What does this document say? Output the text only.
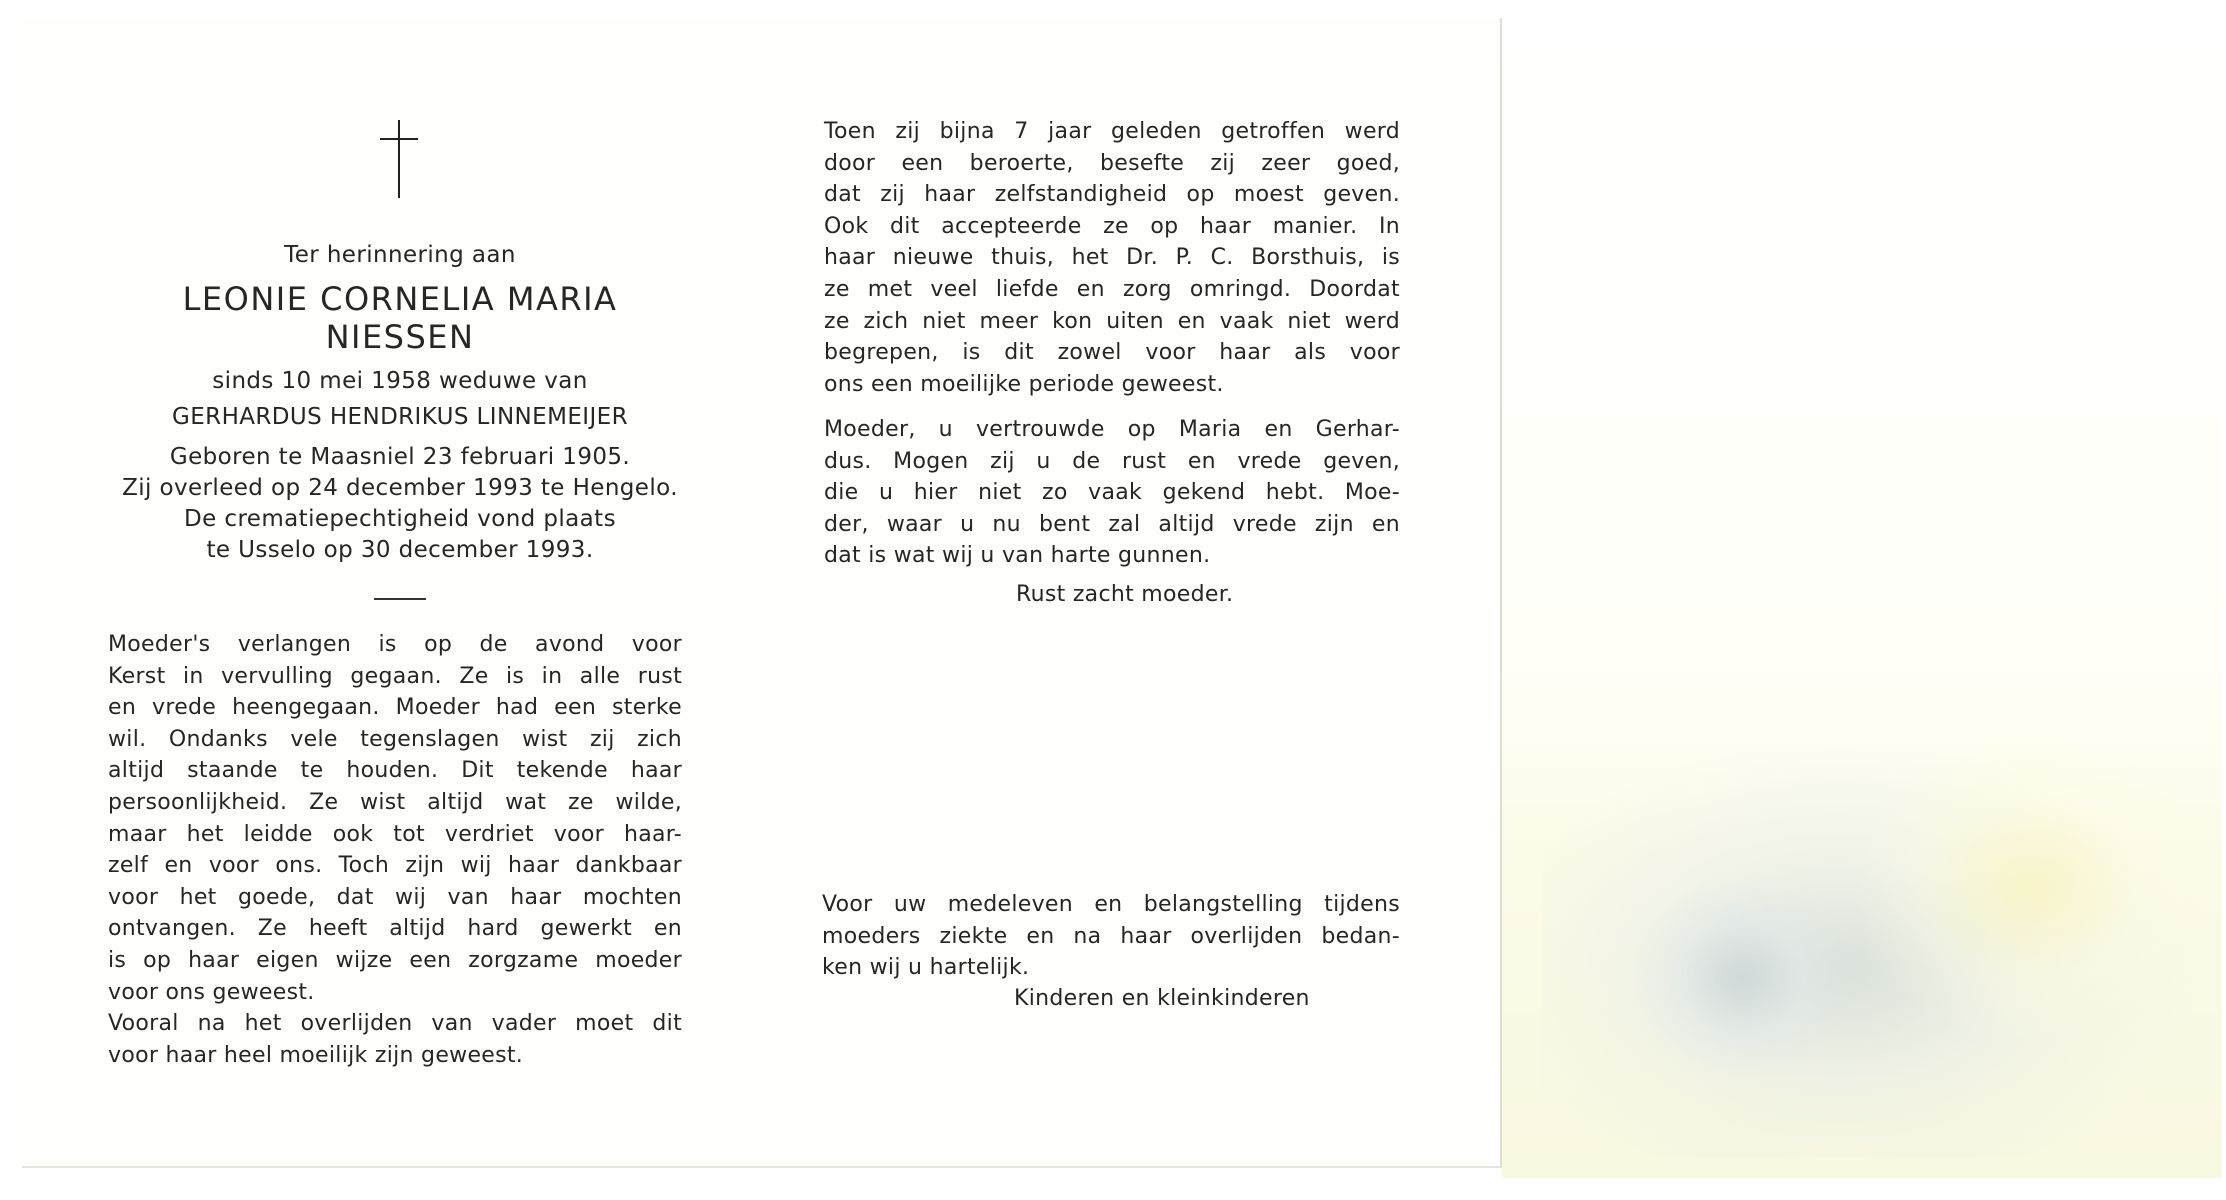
Ter herinnering aan

LEONIE CORNELIA MARIA
NIESSEN

sinds 10 mei 1958 weduwe van

GERHARDUS HENDRIKUS LINNEMEIJER

Geboren te Maasniel 23 februari 1905.

Zij overleed op 24 december 1993 te Hengelo.

De crematiepechtigheid vond plaats

te Usselo op 30 december 1993.

Moeder's verlangen is op de avond voor
Kerst in vervulling gegaan. Ze is in alle rust
en vrede heengegaan. Moeder had een sterke
wil. Ondanks vele tegenslagen wist zij zich
altijd staande te houden. Dit tekende haar
persoonlijkheid. Ze wist altijd wat ze wilde,
maar het leidde ook tot verdriet voor haar-
zelf en voor ons. Toch zijn wij haar dankbaar
voor het goede, dat wij van haar mochten
ontvangen. Ze heeft altijd hard gewerkt en
is op haar eigen wijze een zorgzame moeder
voor ons geweest.
Vooral na het overlijden van vader moet dit
voor haar heel moeilijk zijn geweest.
Toen zij bijna 7 jaar geleden getroffen werd
door een beroerte, besefte zij zeer goed,
dat zij haar zelfstandigheid op moest geven.
Ook dit accepteerde ze op haar manier. In
haar nieuwe thuis, het Dr. P. C. Borsthuis, is
ze met veel liefde en zorg omringd. Doordat
ze zich niet meer kon uiten en vaak niet werd
begrepen, is dit zowel voor haar als voor
ons een moeilijke periode geweest.
Moeder, u vertrouwde op Maria en Gerhar-
dus. Mogen zij u de rust en vrede geven,
die u hier niet zo vaak gekend hebt. Moe-
der, waar u nu bent zal altijd vrede zijn en
dat is wat wij u van harte gunnen.

Rust zacht moeder.

Voor uw medeleven en belangstelling tijdens
moeders ziekte en na haar overlijden bedan-
ken wij u hartelijk.

Kinderen en kleinkinderen
